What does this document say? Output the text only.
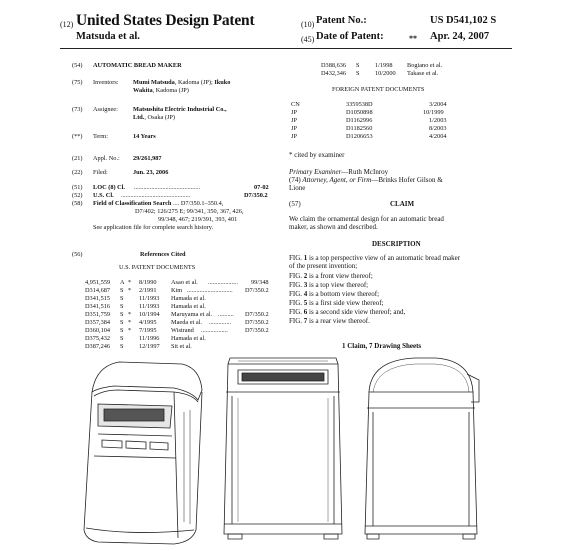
(12) United States Design Patent	(10) Patent No.:	US D541,102 S
Matsuda et al.	(45) Date of Patent:	** Apr. 24, 2007
(54) AUTOMATIC BREAD MAKER
(75) Inventors: Mumi Matsuda, Kadoma (JP); Ikuko
Wakita, Kadoma (JP)
(73) Assignee: Matsushita Electric Industrial Co.,
Ltd., Osaka (JP)
(**) Term:	14 Years
(21) Appl. No.: 29/261,987
(22) Filed:	Jun. 23, 2006
(51) LOC (8) Cl. ..........................................	07-02
(52) U.S. Cl. ............................................	D7/350.2
(58) Field of Classification Search .... D7/350.1–350.4,
D7/402; 126/275 E; 99/341, 350, 367, 426,
99/348, 467; 219/391, 393, 401
See application file for complete search history.
(56)	References Cited
U.S. PATENT DOCUMENTS
4,951,559 A * 8/1990 Asao et al. ...................	99/348
D314,687 S * 2/1991 Kim .............................	D7/350.2
D341,515 S 11/1993 Hamada et al.
D341,516 S 11/1993 Hamada et al.
D351,759 S * 10/1994 Maruyama et al. ..........	D7/350.2
D357,384 S * 4/1995 Maeda et al. ..............	D7/350.2
D360,104 S * 7/1995 Wistrand .................	D7/350.2
D375,432 S 11/1996 Hamada et al.
D387,246 S 12/1997 Sit et al.
D388,636 S 1/1998 Bogiano et al.
D432,346 S 10/2000 Takase et al.
FOREIGN PATENT DOCUMENTS
CN	3359538D	3/2004
JP	D1050898	10/1999
JP	D1162996	1/2003
JP	D1182560	8/2003
JP	D1206653	4/2004
* cited by examiner
Primary Examiner—Ruth McInroy
(74) Attorney, Agent, or Firm—Brinks Hofer Gilson &
Lione
(57)	CLAIM
We claim the ornamental design for an automatic bread
maker, as shown and described.
DESCRIPTION
FIG. 1 is a top perspective view of an automatic bread maker
of the present invention;
FIG. 2 is a front view thereof;
FIG. 3 is a top view thereof;
FIG. 4 is a bottom view thereof;
FIG. 5 is a first side view thereof;
FIG. 6 is a second side view thereof; and,
FIG. 7 is a rear view thereof.
1 Claim, 7 Drawing Sheets
